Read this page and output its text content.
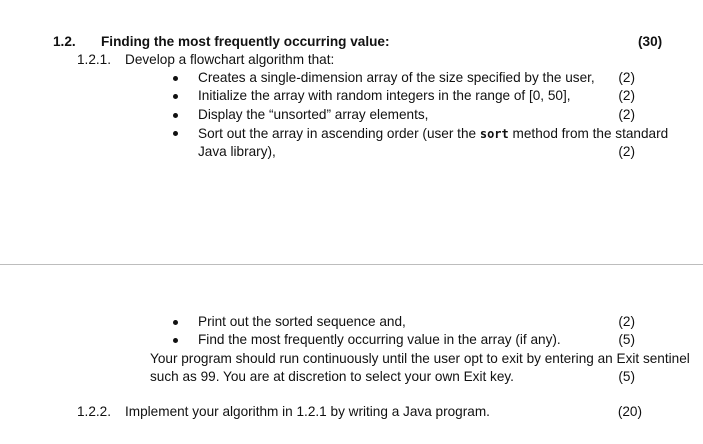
1.2. Finding the most frequently occurring value:	(30)
1.2.1. Develop a flowchart algorithm that:
Creates a single-dimension array of the size specified by the user,	(2)
Initialize the array with random integers in the range of [0, 50],	(2)
Display the “unsorted” array elements,	(2)
Sort out the array in ascending order (user the sort method from the standard
Java library),	(2)
Print out the sorted sequence and,	(2)
Find the most frequently occurring value in the array (if any).	(5)
Your program should run continuously until the user opt to exit by entering an Exit sentinel
such as 99. You are at discretion to select your own Exit key.	(5)
1.2.2. Implement your algorithm in 1.2.1 by writing a Java program.	(20)
